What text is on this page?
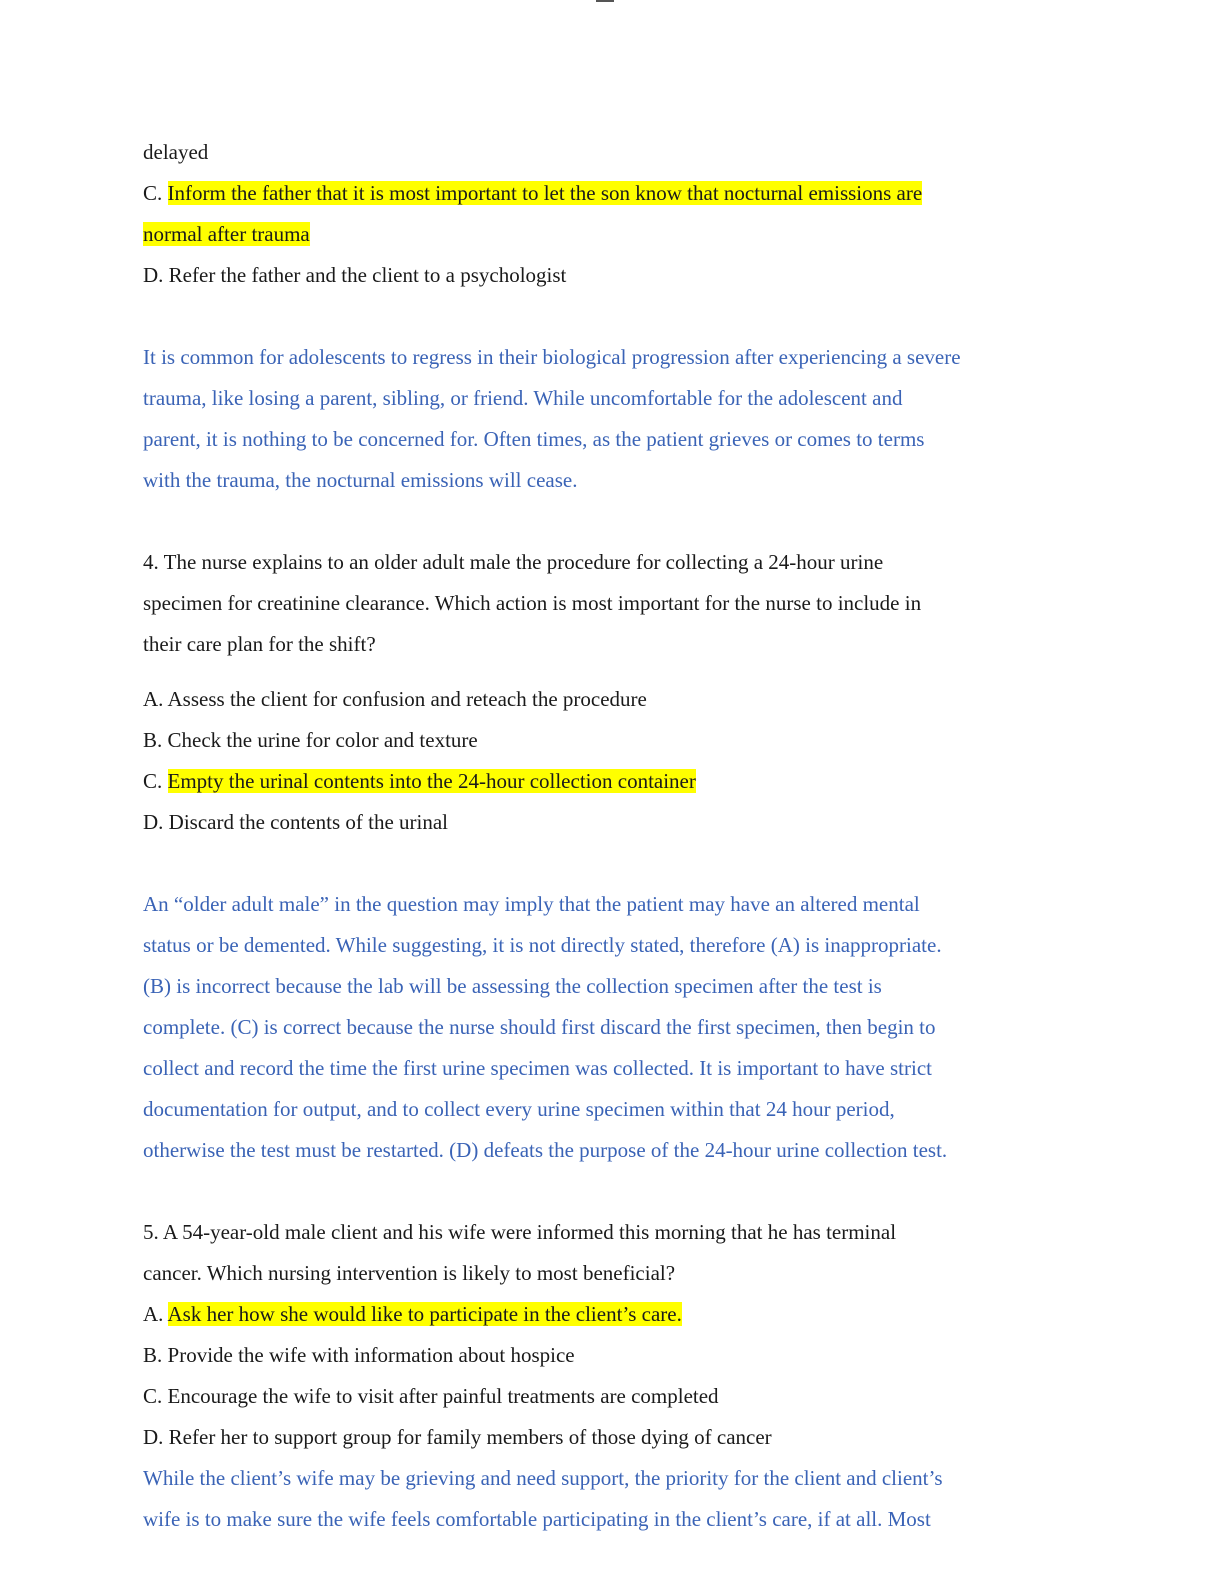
delayed
C. Inform the father that it is most important to let the son know that nocturnal emissions are
normal after trauma
D. Refer the father and the client to a psychologist
It is common for adolescents to regress in their biological progression after experiencing a severe
trauma, like losing a parent, sibling, or friend. While uncomfortable for the adolescent and
parent, it is nothing to be concerned for. Often times, as the patient grieves or comes to terms
with the trauma, the nocturnal emissions will cease.
4. The nurse explains to an older adult male the procedure for collecting a 24-hour urine
specimen for creatinine clearance. Which action is most important for the nurse to include in
their care plan for the shift?
A. Assess the client for confusion and reteach the procedure
B. Check the urine for color and texture
C. Empty the urinal contents into the 24-hour collection container
D. Discard the contents of the urinal
An “older adult male” in the question may imply that the patient may have an altered mental
status or be demented. While suggesting, it is not directly stated, therefore (A) is inappropriate.
(B) is incorrect because the lab will be assessing the collection specimen after the test is
complete. (C) is correct because the nurse should first discard the first specimen, then begin to
collect and record the time the first urine specimen was collected. It is important to have strict
documentation for output, and to collect every urine specimen within that 24 hour period,
otherwise the test must be restarted. (D) defeats the purpose of the 24-hour urine collection test.
5. A 54-year-old male client and his wife were informed this morning that he has terminal
cancer. Which nursing intervention is likely to most beneficial?
A. Ask her how she would like to participate in the client’s care.
B. Provide the wife with information about hospice
C. Encourage the wife to visit after painful treatments are completed
D. Refer her to support group for family members of those dying of cancer
While the client’s wife may be grieving and need support, the priority for the client and client’s
wife is to make sure the wife feels comfortable participating in the client’s care, if at all. Most
